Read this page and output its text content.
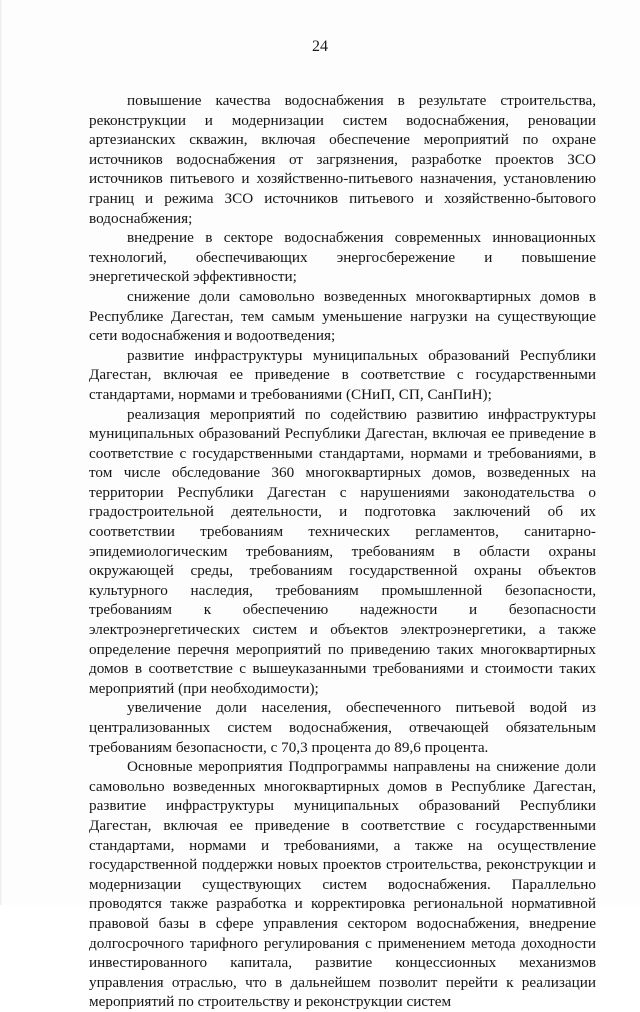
24

повышение качества водоснабжения в результате строительства, реконструкции и модернизации систем водоснабжения, реновации артезианских скважин, включая обеспечение мероприятий по охране источников водоснабжения от загрязнения, разработке проектов ЗСО источников питьевого и хозяйственно-питьевого назначения, установлению границ и режима ЗСО источников питьевого и хозяйственно-бытового водоснабжения;

внедрение в секторе водоснабжения современных инновационных технологий, обеспечивающих энергосбережение и повышение энергетической эффективности;

снижение доли самовольно возведенных многоквартирных домов в Республике Дагестан, тем самым уменьшение нагрузки на существующие сети водоснабжения и водоотведения;

развитие инфраструктуры муниципальных образований Республики Дагестан, включая ее приведение в соответствие с государственными стандартами, нормами и требованиями (СНиП, СП, СанПиН);

реализация мероприятий по содействию развитию инфраструктуры муниципальных образований Республики Дагестан, включая ее приведение в соответствие с государственными стандартами, нормами и требованиями, в том числе обследование 360 многоквартирных домов, возведенных на территории Республики Дагестан с нарушениями законодательства о градостроительной деятельности, и подготовка заключений об их соответствии требованиям технических регламентов, санитарно-эпидемиологическим требованиям, требованиям в области охраны окружающей среды, требованиям государственной охраны объектов культурного наследия, требованиям промышленной безопасности, требованиям к обеспечению надежности и безопасности электроэнергетических систем и объектов электроэнергетики, а также определение перечня мероприятий по приведению таких многоквартирных домов в соответствие с вышеуказанными требованиями и стоимости таких мероприятий (при необходимости);

увеличение доли населения, обеспеченного питьевой водой из централизованных систем водоснабжения, отвечающей обязательным требованиям безопасности, с 70,3 процента до 89,6 процента.

Основные мероприятия Подпрограммы направлены на снижение доли самовольно возведенных многоквартирных домов в Республике Дагестан, развитие инфраструктуры муниципальных образований Республики Дагестан, включая ее приведение в соответствие с государственными стандартами, нормами и требованиями, а также на осуществление государственной поддержки новых проектов строительства, реконструкции и модернизации существующих систем водоснабжения. Параллельно проводятся также разработка и корректировка региональной нормативной правовой базы в сфере управления сектором водоснабжения, внедрение долгосрочного тарифного регулирования с применением метода доходности инвестированного капитала, развитие концессионных механизмов управления отраслью, что в дальнейшем позволит перейти к реализации мероприятий по строительству и реконструкции систем
